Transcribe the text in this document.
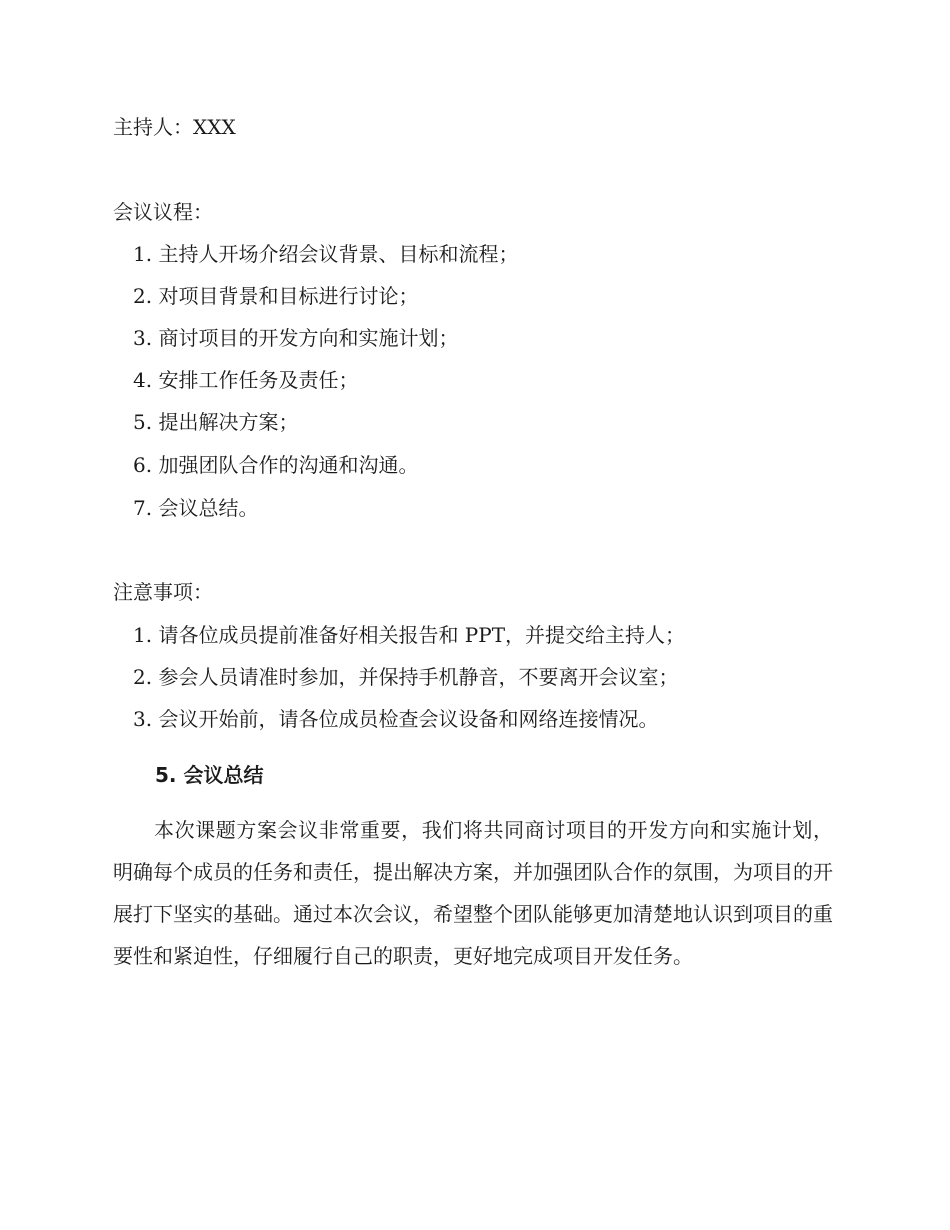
主持人：XXX
会议议程：
1. 主持人开场介绍会议背景、目标和流程；
2. 对项目背景和目标进行讨论；
3. 商讨项目的开发方向和实施计划；
4. 安排工作任务及责任；
5. 提出解决方案；
6. 加强团队合作的沟通和沟通。
7. 会议总结。
注意事项：
1. 请各位成员提前准备好相关报告和 PPT，并提交给主持人；
2. 参会人员请准时参加，并保持手机静音，不要离开会议室；
3. 会议开始前，请各位成员检查会议设备和网络连接情况。
5. 会议总结
本次课题方案会议非常重要，我们将共同商讨项目的开发方向和实施计划，明确每个成员的任务和责任，提出解决方案，并加强团队合作的氛围，为项目的开展打下坚实的基础。通过本次会议，希望整个团队能够更加清楚地认识到项目的重要性和紧迫性，仔细履行自己的职责，更好地完成项目开发任务。
